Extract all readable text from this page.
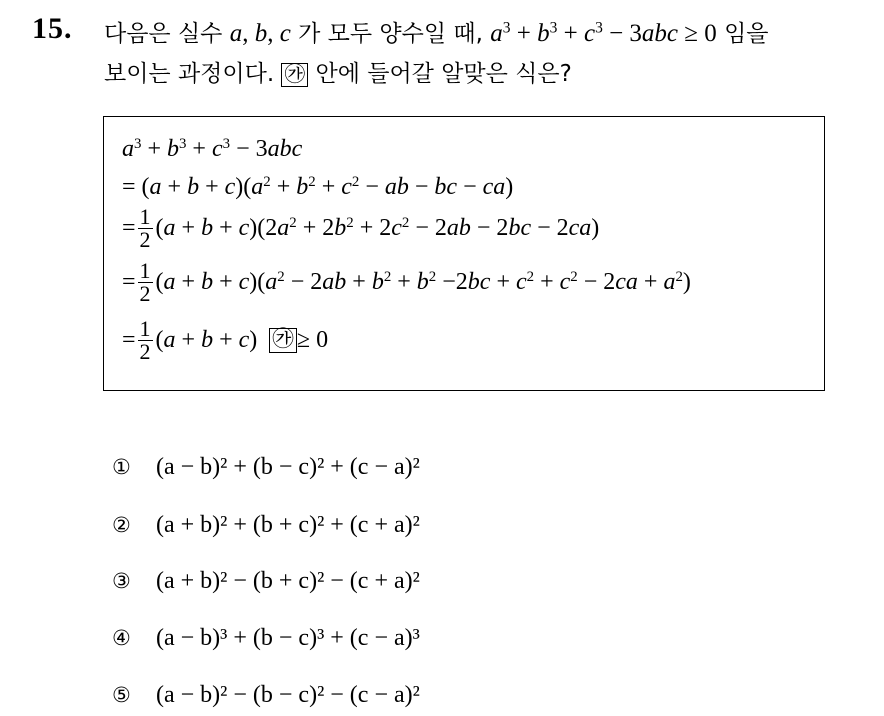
15. 다음은 실수 a, b, c 가 모두 양수일 때, $a^3 + b^3 + c^3 - 3abc \ge 0$ 임을
보이는 과정이다. ㉮ 안에 들어갈 알맞은 식은?
$a^3 + b^3 + c^3 - 3abc$
= $(a + b + c)(a^2 + b^2 + c^2$ − ab − bc − ca)
= $\frac{1}{2} (a + b + c)(2a^2 + 2b^2 + 2c^2 - 2ab - 2bc - 2ca)$
= $\frac{1}{2} (a + b + c)(a^2 - 2ab + b^2 + b^2 -2bc + c^2 + c^2 - 2ca + a^2)$
= $\frac{1}{2} (a + b + c)$ ㉮ ≥ 0
① (a − b)² + (b − c)² + (c − a)²
② (a + b)² + (b + c)² + (c + a)²
③ (a + b)² − (b + c)² − (c + a)²
④ (a − b)³ + (b − c)³ + (c − a)³
⑤ (a − b)² − (b − c)² − (c − a)²
